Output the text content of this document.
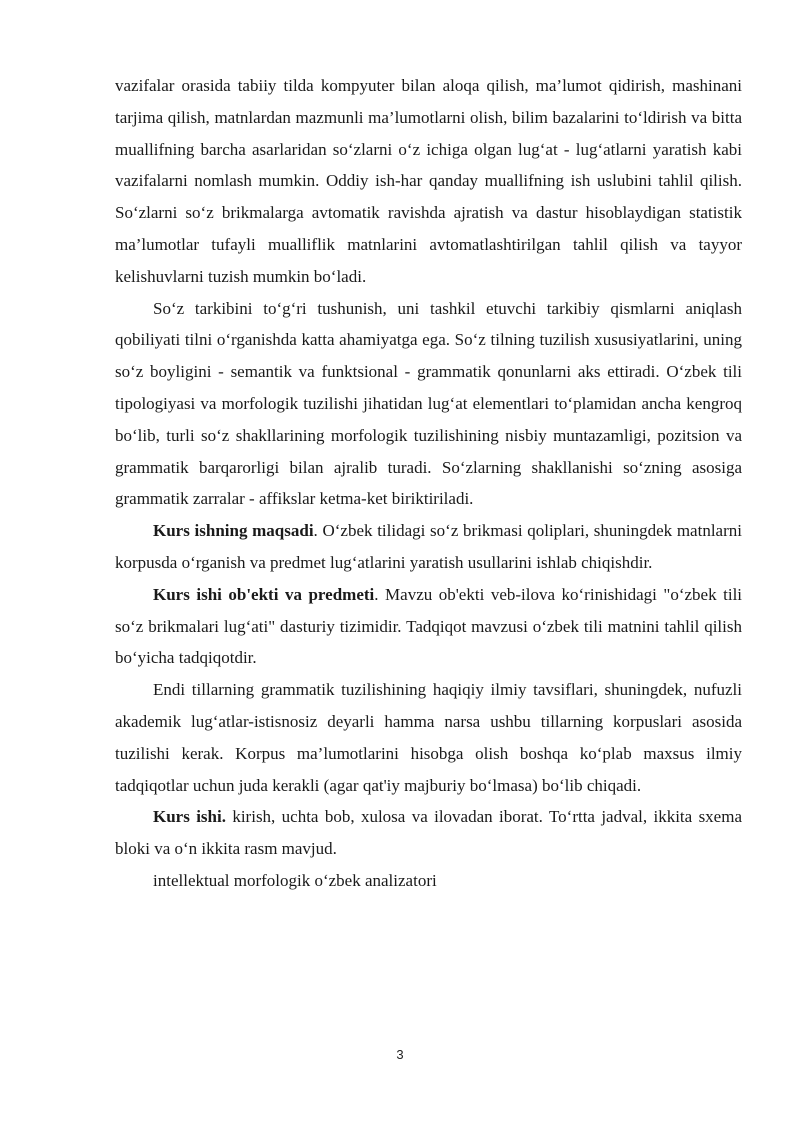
vazifalar orasida tabiiy tilda kompyuter bilan aloqa qilish, ma’lumot qidirish, mashinani tarjima qilish, matnlardan mazmunli ma’lumotlarni olish, bilim bazalarini to‘ldirish va bitta muallifning barcha asarlaridan so‘zlarni o‘z ichiga olgan lug‘at - lug‘atlarni yaratish kabi vazifalarni nomlash mumkin. Oddiy ish-har qanday muallifning ish uslubini tahlil qilish. So‘zlarni so‘z brikmalarga avtomatik ravishda ajratish va dastur hisoblaydigan statistik ma’lumotlar tufayli mualliflik matnlarini avtomatlashtirilgan tahlil qilish va tayyor kelishuvlarni tuzish mumkin bo‘ladi.

So‘z tarkibini to‘g‘ri tushunish, uni tashkil etuvchi tarkibiy qismlarni aniqlash qobiliyati tilni o‘rganishda katta ahamiyatga ega. So‘z tilning tuzilish xususiyatlarini, uning so‘z boyligini - semantik va funktsional - grammatik qonunlarni aks ettiradi. O‘zbek tili tipologiyasi va morfologik tuzilishi jihatidan lug‘at elementlari to‘plamidan ancha kengroq bo‘lib, turli so‘z shakllarining morfologik tuzilishining nisbiy muntazamligi, pozitsion va grammatik barqarorligi bilan ajralib turadi. So‘zlarning shakllanishi so‘zning asosiga grammatik zarralar - affikslar ketma-ket biriktiriladi.

Kurs ishning maqsadi. O‘zbek tilidagi so‘z brikmasi qoliplari, shuningdek matnlarni korpusda o‘rganish va predmet lug‘atlarini yaratish usullarini ishlab chiqishdir.

Kurs ishi ob'ekti va predmeti. Mavzu ob'ekti veb-ilova ko‘rinishidagi "o‘zbek tili so‘z brikmalari lug‘ati" dasturiy tizimidir. Tadqiqot mavzusi o‘zbek tili matnini tahlil qilish bo‘yicha tadqiqotdir.

Endi tillarning grammatik tuzilishining haqiqiy ilmiy tavsiflari, shuningdek, nufuzli akademik lug‘atlar-istisnosiz deyarli hamma narsa ushbu tillarning korpuslari asosida tuzilishi kerak. Korpus ma’lumotlarini hisobga olish boshqa ko‘plab maxsus ilmiy tadqiqotlar uchun juda kerakli (agar qat'iy majburiy bo‘lmasa) bo‘lib chiqadi.

Kurs ishi. kirish, uchta bob, xulosa va ilovadan iborat. To‘rtta jadval, ikkita sxema bloki va o‘n ikkita rasm mavjud.

intellektual morfologik o‘zbek analizatori

3
